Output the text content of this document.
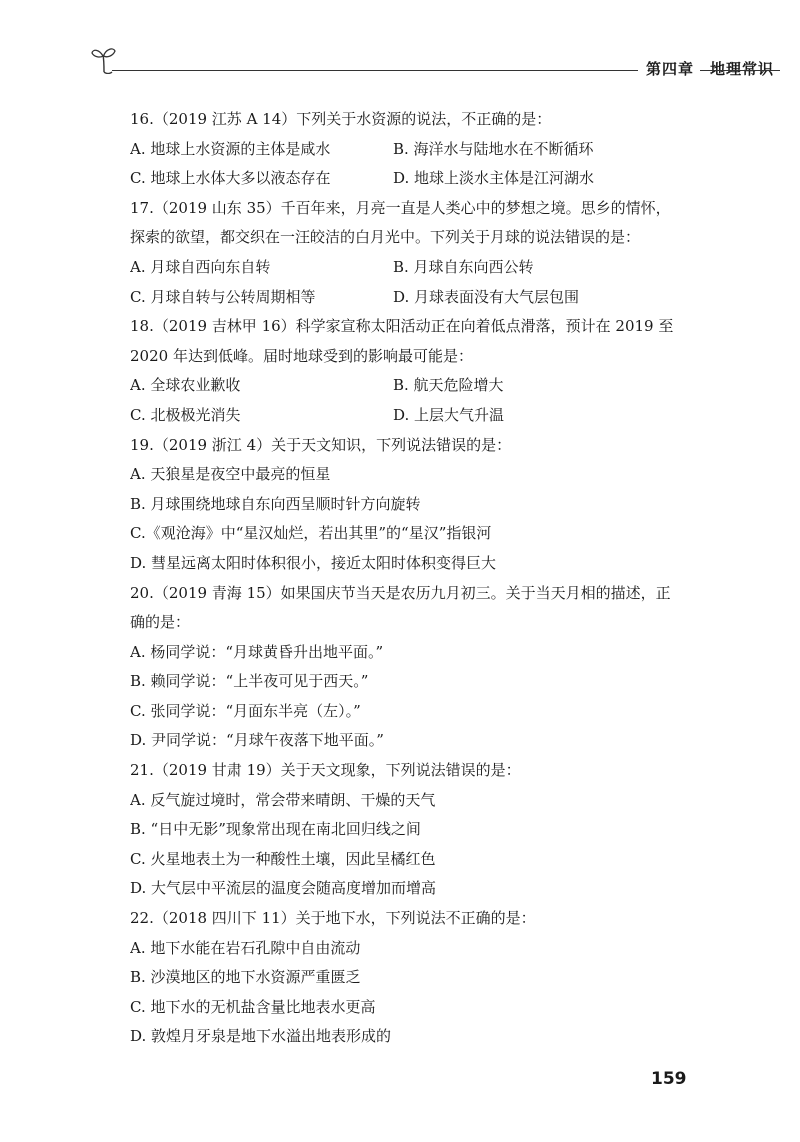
第四章　地理常识
16.（2019 江苏 A 14）下列关于水资源的说法，不正确的是：
A. 地球上水资源的主体是咸水	B. 海洋水与陆地水在不断循环
C. 地球上水体大多以液态存在	D. 地球上淡水主体是江河湖水
17.（2019 山东 35）千百年来，月亮一直是人类心中的梦想之境。思乡的情怀，
探索的欲望，都交织在一汪皎洁的白月光中。下列关于月球的说法错误的是：
A. 月球自西向东自转	B. 月球自东向西公转
C. 月球自转与公转周期相等	D. 月球表面没有大气层包围
18.（2019 吉林甲 16）科学家宣称太阳活动正在向着低点滑落，预计在 2019 至
2020 年达到低峰。届时地球受到的影响最可能是：
A. 全球农业歉收	B. 航天危险增大
C. 北极极光消失	D. 上层大气升温
19.（2019 浙江 4）关于天文知识，下列说法错误的是：
A. 天狼星是夜空中最亮的恒星
B. 月球围绕地球自东向西呈顺时针方向旋转
C.《观沧海》中“星汉灿烂，若出其里”的“星汉”指银河
D. 彗星远离太阳时体积很小，接近太阳时体积变得巨大
20.（2019 青海 15）如果国庆节当天是农历九月初三。关于当天月相的描述，正
确的是：
A. 杨同学说：“月球黄昏升出地平面。”
B. 赖同学说：“上半夜可见于西天。”
C. 张同学说：“月面东半亮（左）。”
D. 尹同学说：“月球午夜落下地平面。”
21.（2019 甘肃 19）关于天文现象，下列说法错误的是：
A. 反气旋过境时，常会带来晴朗、干燥的天气
B. “日中无影”现象常出现在南北回归线之间
C. 火星地表土为一种酸性土壤，因此呈橘红色
D. 大气层中平流层的温度会随高度增加而增高
22.（2018 四川下 11）关于地下水，下列说法不正确的是：
A. 地下水能在岩石孔隙中自由流动
B. 沙漠地区的地下水资源严重匮乏
C. 地下水的无机盐含量比地表水更高
D. 敦煌月牙泉是地下水溢出地表形成的
159
